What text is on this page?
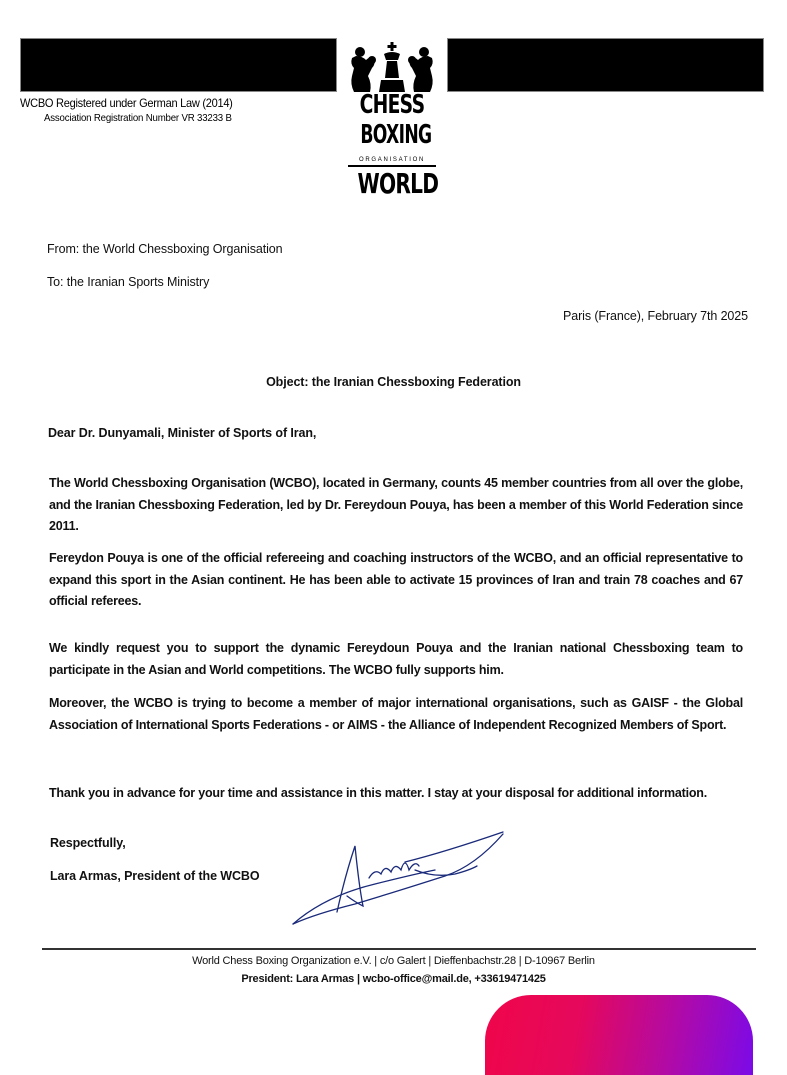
WCBO Registered under German Law (2014)
Association Registration Number VR 33233 B	CHESS
BOXING
ORGANISATION
WORLD
From: the World Chessboxing Organisation
To: the Iranian Sports Ministry
Paris (France), February 7th 2025
Object: the Iranian Chessboxing Federation
Dear Dr. Dunyamali, Minister of Sports of Iran,
The World Chessboxing Organisation (WCBO), located in Germany, counts 45 member countries from all over the globe, and the Iranian Chessboxing Federation, led by Dr. Fereydoun Pouya, has been a member of this World Federation since 2011.
Fereydon Pouya is one of the official refereeing and coaching instructors of the WCBO, and an official representative to expand this sport in the Asian continent. He has been able to activate 15 provinces of Iran and train 78 coaches and 67 official referees.
We kindly request you to support the dynamic Fereydoun Pouya and the Iranian national Chessboxing team to participate in the Asian and World competitions. The WCBO fully supports him.
Moreover, the WCBO is trying to become a member of major international organisations, such as GAISF - the Global Association of International Sports Federations - or AIMS - the Alliance of Independent Recognized Members of Sport.
Thank you in advance for your time and assistance in this matter. I stay at your disposal for additional information.
Respectfully,
Lara Armas, President of the WCBO
World Chess Boxing Organization e.V. | c/o Galert | Dieffenbachstr.28 | D-10967 Berlin
President: Lara Armas | wcbo-office@mail.de, +33619471425
